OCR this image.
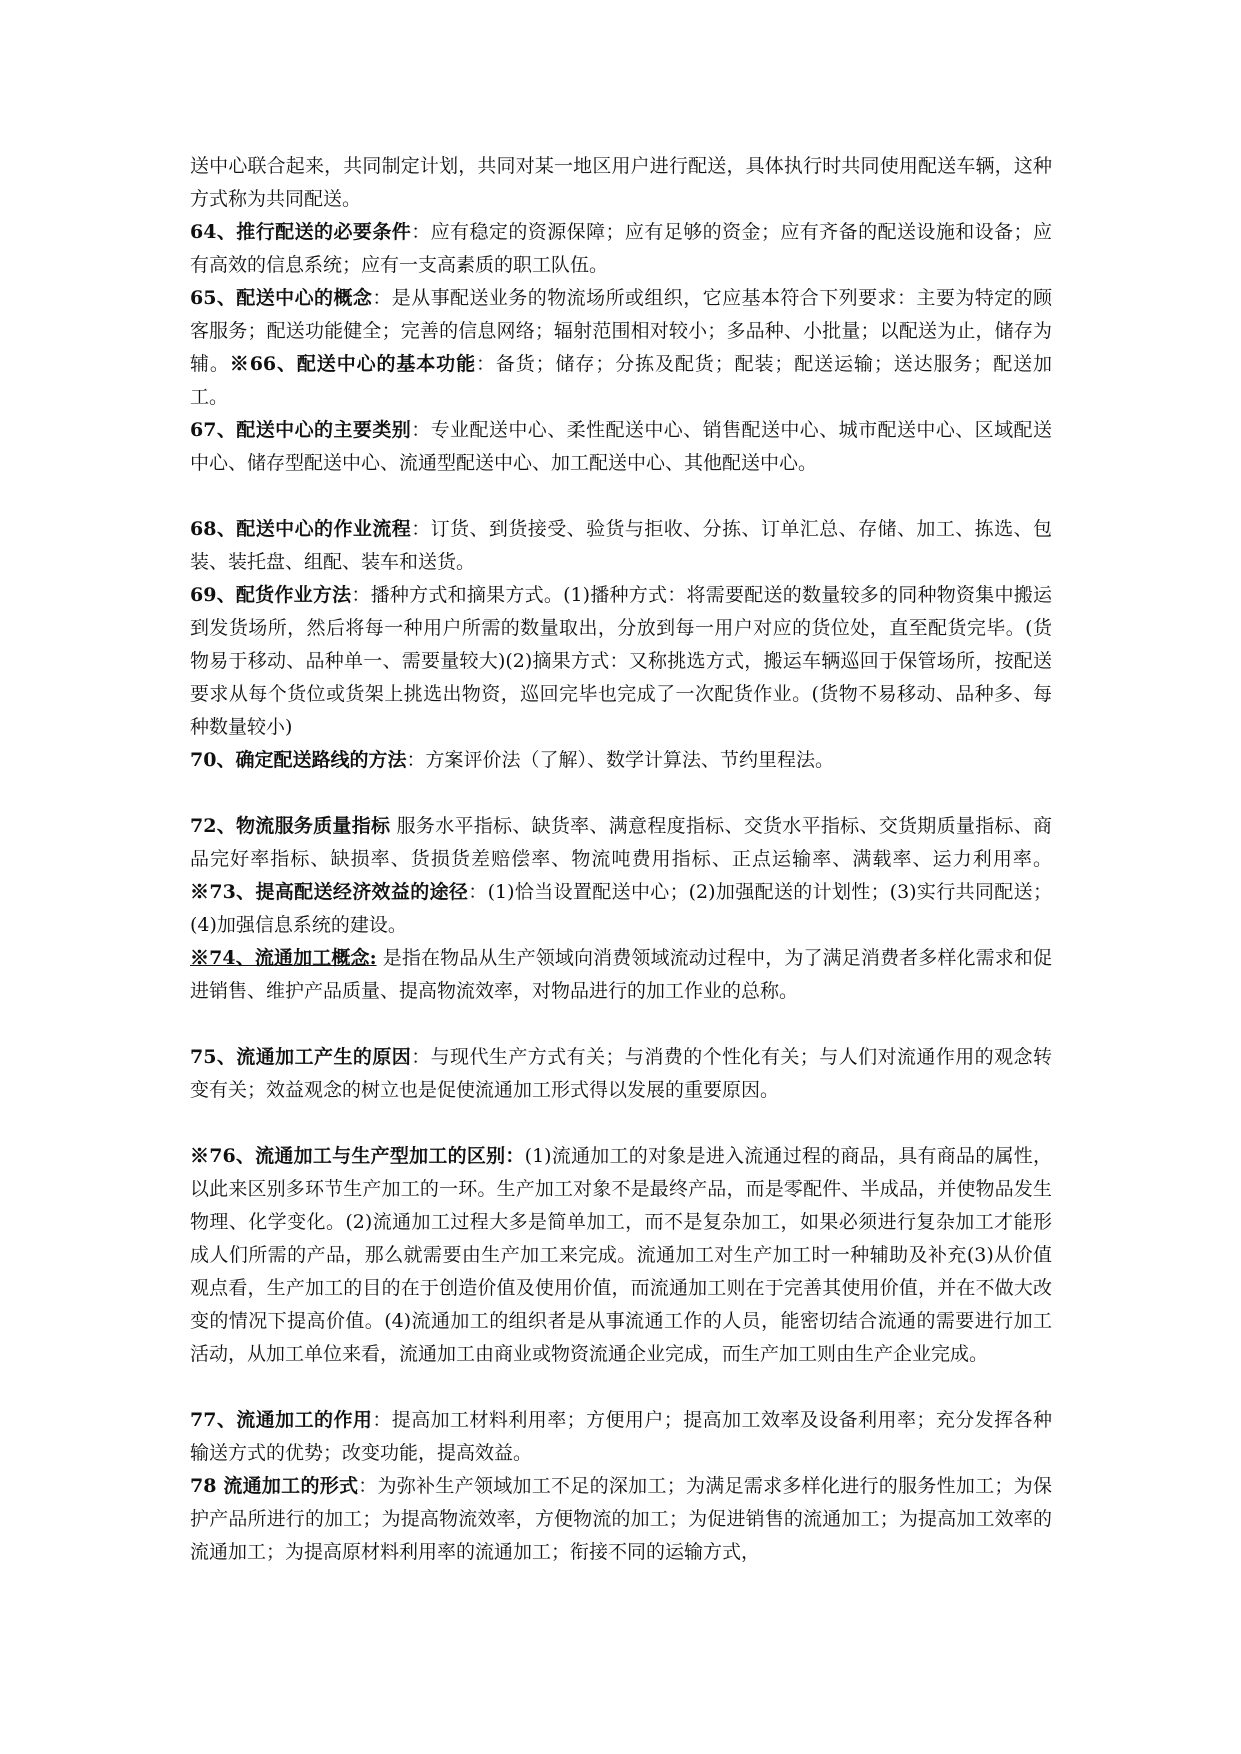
送中心联合起来，共同制定计划，共同对某一地区用户进行配送，具体执行时共同使用配送车辆，这种方式称为共同配送。

64、推行配送的必要条件：应有稳定的资源保障；应有足够的资金；应有齐备的配送设施和设备；应有高效的信息系统；应有一支高素质的职工队伍。

65、配送中心的概念：是从事配送业务的物流场所或组织，它应基本符合下列要求：主要为特定的顾客服务；配送功能健全；完善的信息网络；辐射范围相对较小；多品种、小批量；以配送为止，储存为辅。※66、配送中心的基本功能：备货；储存；分拣及配货；配装；配送运输；送达服务；配送加工。

67、配送中心的主要类别：专业配送中心、柔性配送中心、销售配送中心、城市配送中心、区域配送中心、储存型配送中心、流通型配送中心、加工配送中心、其他配送中心。

68、配送中心的作业流程：订货、到货接受、验货与拒收、分拣、订单汇总、存储、加工、拣选、包装、装托盘、组配、装车和送货。

69、配货作业方法：播种方式和摘果方式。(1)播种方式：将需要配送的数量较多的同种物资集中搬运到发货场所，然后将每一种用户所需的数量取出，分放到每一用户对应的货位处，直至配货完毕。(货物易于移动、品种单一、需要量较大)(2)摘果方式：又称挑选方式，搬运车辆巡回于保管场所，按配送要求从每个货位或货架上挑选出物资，巡回完毕也完成了一次配货作业。(货物不易移动、品种多、每种数量较小)

70、确定配送路线的方法：方案评价法（了解）、数学计算法、节约里程法。

72、物流服务质量指标 服务水平指标、缺货率、满意程度指标、交货水平指标、交货期质量指标、商品完好率指标、缺损率、货损货差赔偿率、物流吨费用指标、正点运输率、满载率、运力利用率。※73、提高配送经济效益的途径：(1)恰当设置配送中心；(2)加强配送的计划性；(3)实行共同配送；(4)加强信息系统的建设。

※74、流通加工概念: 是指在物品从生产领域向消费领域流动过程中，为了满足消费者多样化需求和促进销售、维护产品质量、提高物流效率，对物品进行的加工作业的总称。

75、流通加工产生的原因：与现代生产方式有关；与消费的个性化有关；与人们对流通作用的观念转变有关；效益观念的树立也是促使流通加工形式得以发展的重要原因。

※76、流通加工与生产型加工的区别：(1)流通加工的对象是进入流通过程的商品，具有商品的属性，以此来区别多环节生产加工的一环。生产加工对象不是最终产品，而是零配件、半成品，并使物品发生物理、化学变化。(2)流通加工过程大多是简单加工，而不是复杂加工，如果必须进行复杂加工才能形成人们所需的产品，那么就需要由生产加工来完成。流通加工对生产加工时一种辅助及补充(3)从价值观点看，生产加工的目的在于创造价值及使用价值，而流通加工则在于完善其使用价值，并在不做大改变的情况下提高价值。(4)流通加工的组织者是从事流通工作的人员，能密切结合流通的需要进行加工活动，从加工单位来看，流通加工由商业或物资流通企业完成，而生产加工则由生产企业完成。

77、流通加工的作用：提高加工材料利用率；方便用户；提高加工效率及设备利用率；充分发挥各种输送方式的优势；改变功能，提高效益。

78 流通加工的形式：为弥补生产领域加工不足的深加工；为满足需求多样化进行的服务性加工；为保护产品所进行的加工；为提高物流效率，方便物流的加工；为促进销售的流通加工；为提高加工效率的流通加工；为提高原材料利用率的流通加工；衔接不同的运输方式，
